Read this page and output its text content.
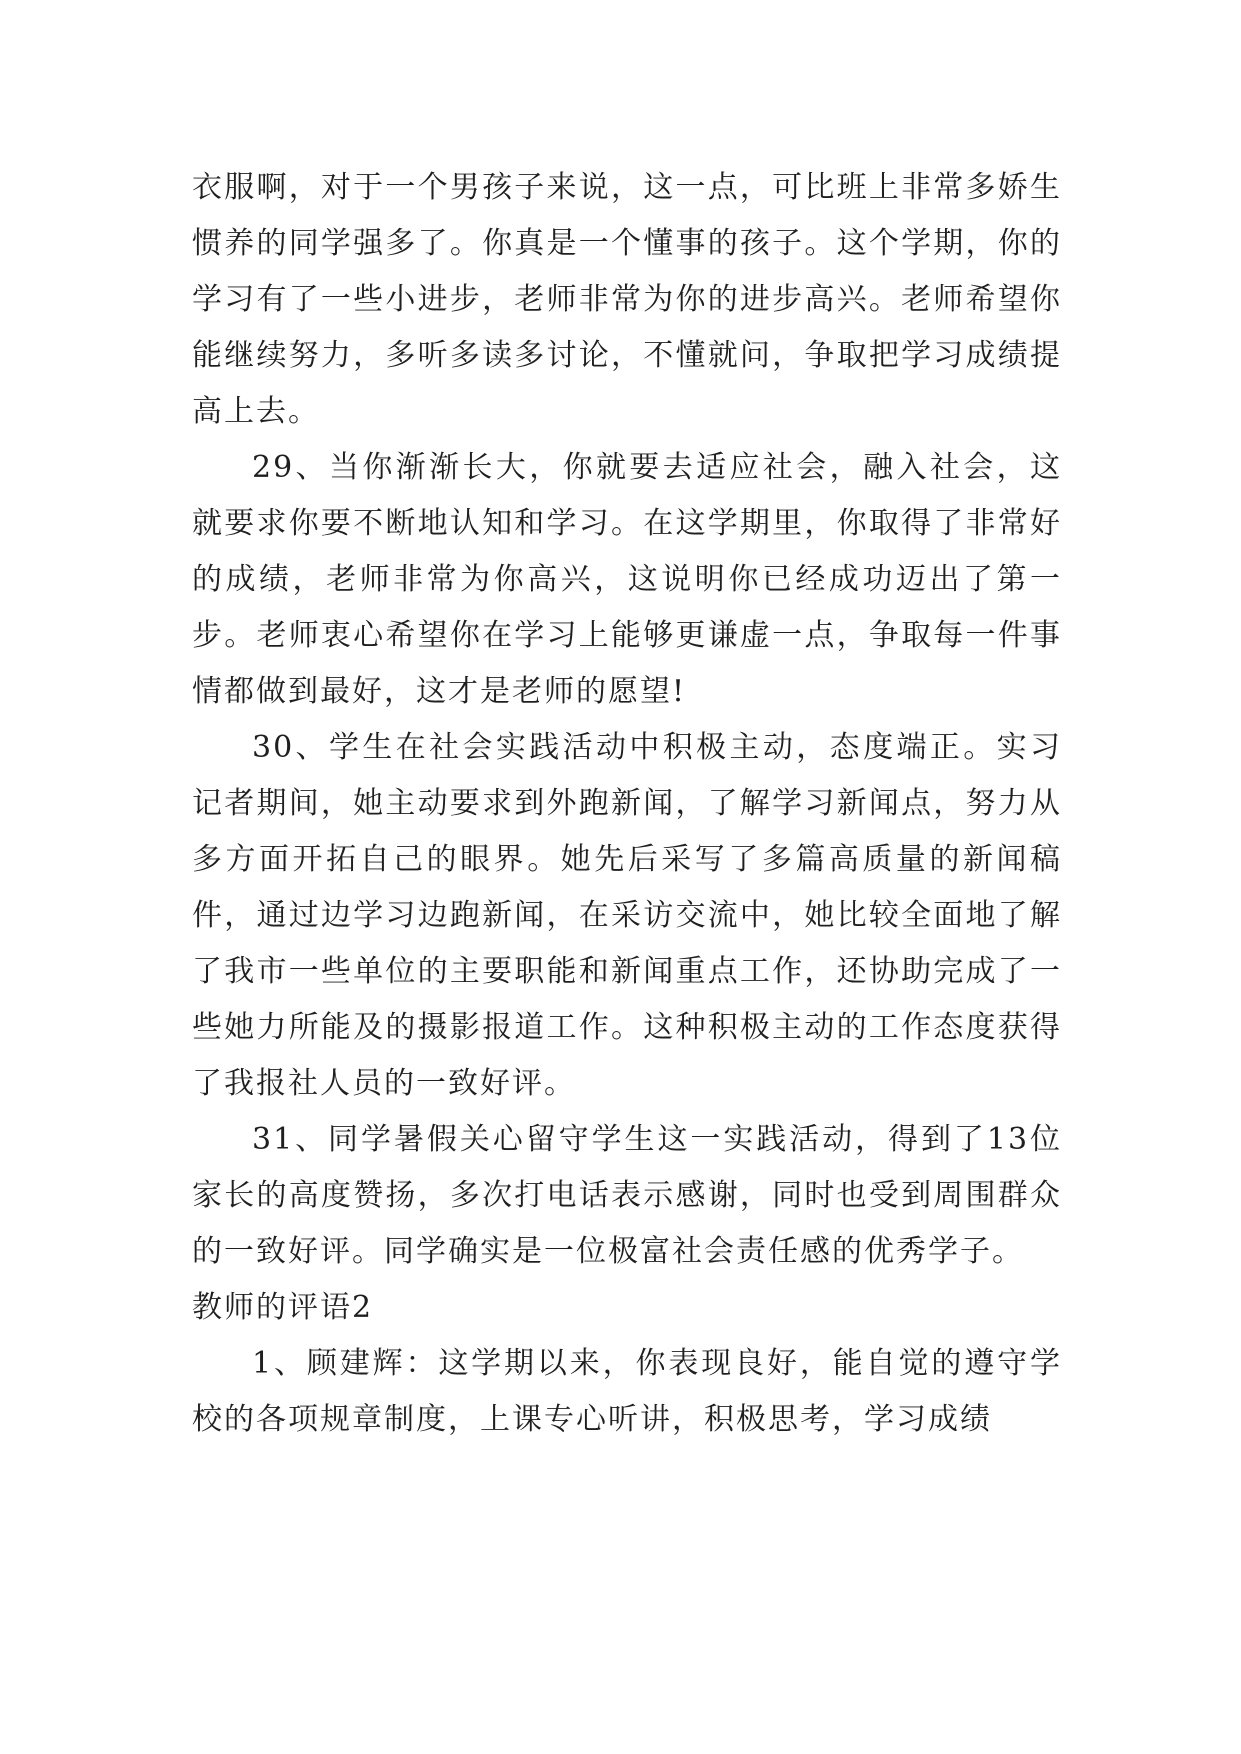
衣服啊，对于一个男孩子来说，这一点，可比班上非常多娇生惯养的同学强多了。你真是一个懂事的孩子。这个学期，你的学习有了一些小进步，老师非常为你的进步高兴。老师希望你能继续努力，多听多读多讨论，不懂就问，争取把学习成绩提高上去。

29、当你渐渐长大，你就要去适应社会，融入社会，这就要求你要不断地认知和学习。在这学期里，你取得了非常好的成绩，老师非常为你高兴，这说明你已经成功迈出了第一步。老师衷心希望你在学习上能够更谦虚一点，争取每一件事情都做到最好，这才是老师的愿望!

30、学生在社会实践活动中积极主动，态度端正。实习记者期间，她主动要求到外跑新闻，了解学习新闻点，努力从多方面开拓自己的眼界。她先后采写了多篇高质量的新闻稿件，通过边学习边跑新闻，在采访交流中，她比较全面地了解了我市一些单位的主要职能和新闻重点工作，还协助完成了一些她力所能及的摄影报道工作。这种积极主动的工作态度获得了我报社人员的一致好评。

31、同学暑假关心留守学生这一实践活动，得到了13位家长的高度赞扬，多次打电话表示感谢，同时也受到周围群众的一致好评。同学确实是一位极富社会责任感的优秀学子。

教师的评语2

1、顾建辉：这学期以来，你表现良好，能自觉的遵守学校的各项规章制度，上课专心听讲，积极思考，学习成绩
